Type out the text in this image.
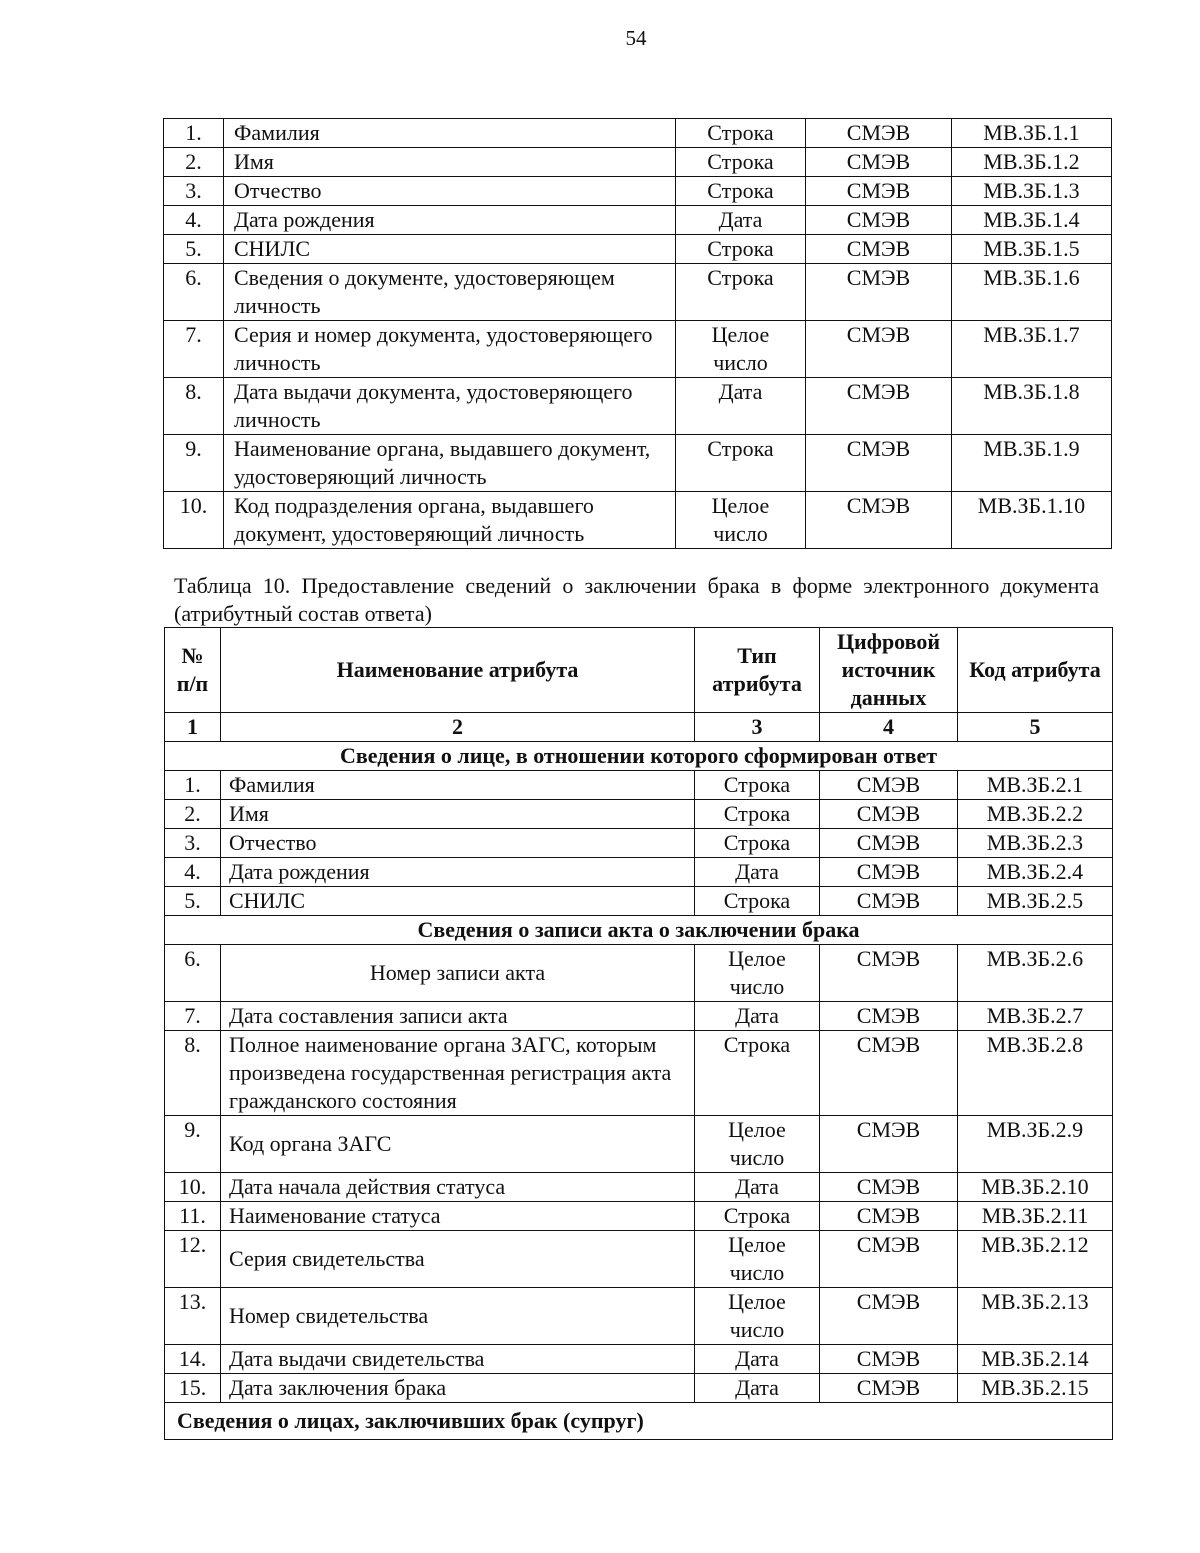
54
1.	Фамилия	Строка	СМЭВ	МВ.ЗБ.1.1
2.	Имя	Строка	СМЭВ	МВ.ЗБ.1.2
3.	Отчество	Строка	СМЭВ	МВ.ЗБ.1.3
4.	Дата рождения	Дата	СМЭВ	МВ.ЗБ.1.4
5.	СНИЛС	Строка	СМЭВ	МВ.ЗБ.1.5
6.	Сведения о документе, удостоверяющем личность	Строка	СМЭВ	МВ.ЗБ.1.6
7.	Серия и номер документа, удостоверяющего личность	Целое число	СМЭВ	МВ.ЗБ.1.7
8.	Дата выдачи документа, удостоверяющего личность	Дата	СМЭВ	МВ.ЗБ.1.8
9.	Наименование органа, выдавшего документ, удостоверяющий личность	Строка	СМЭВ	МВ.ЗБ.1.9
10.	Код подразделения органа, выдавшего документ, удостоверяющий личность	Целое число	СМЭВ	МВ.ЗБ.1.10
Таблица 10. Предоставление сведений о заключении брака в форме электронного документа (атрибутный состав ответа)
№ п/п	Наименование атрибута	Тип атрибута	Цифровой источник данных	Код атрибута
1	2	3	4	5
Сведения о лице, в отношении которого сформирован ответ				
1.	Фамилия	Строка	СМЭВ	МВ.ЗБ.2.1
2.	Имя	Строка	СМЭВ	МВ.ЗБ.2.2
3.	Отчество	Строка	СМЭВ	МВ.ЗБ.2.3
4.	Дата рождения	Дата	СМЭВ	МВ.ЗБ.2.4
5.	СНИЛС	Строка	СМЭВ	МВ.ЗБ.2.5
Сведения о записи акта о заключении брака				
6.	Номер записи акта	Целое число	СМЭВ	МВ.ЗБ.2.6
7.	Дата составления записи акта	Дата	СМЭВ	МВ.ЗБ.2.7
8.	Полное наименование органа ЗАГС, которым произведена государственная регистрация акта гражданского состояния	Строка	СМЭВ	МВ.ЗБ.2.8
9.	Код органа ЗАГС	Целое число	СМЭВ	МВ.ЗБ.2.9
10.	Дата начала действия статуса	Дата	СМЭВ	МВ.ЗБ.2.10
11.	Наименование статуса	Строка	СМЭВ	МВ.ЗБ.2.11
12.	Серия свидетельства	Целое число	СМЭВ	МВ.ЗБ.2.12
13.	Номер свидетельства	Целое число	СМЭВ	МВ.ЗБ.2.13
14.	Дата выдачи свидетельства	Дата	СМЭВ	МВ.ЗБ.2.14
15.	Дата заключения брака	Дата	СМЭВ	МВ.ЗБ.2.15
Сведения о лицах, заключивших брак (супруг)				
